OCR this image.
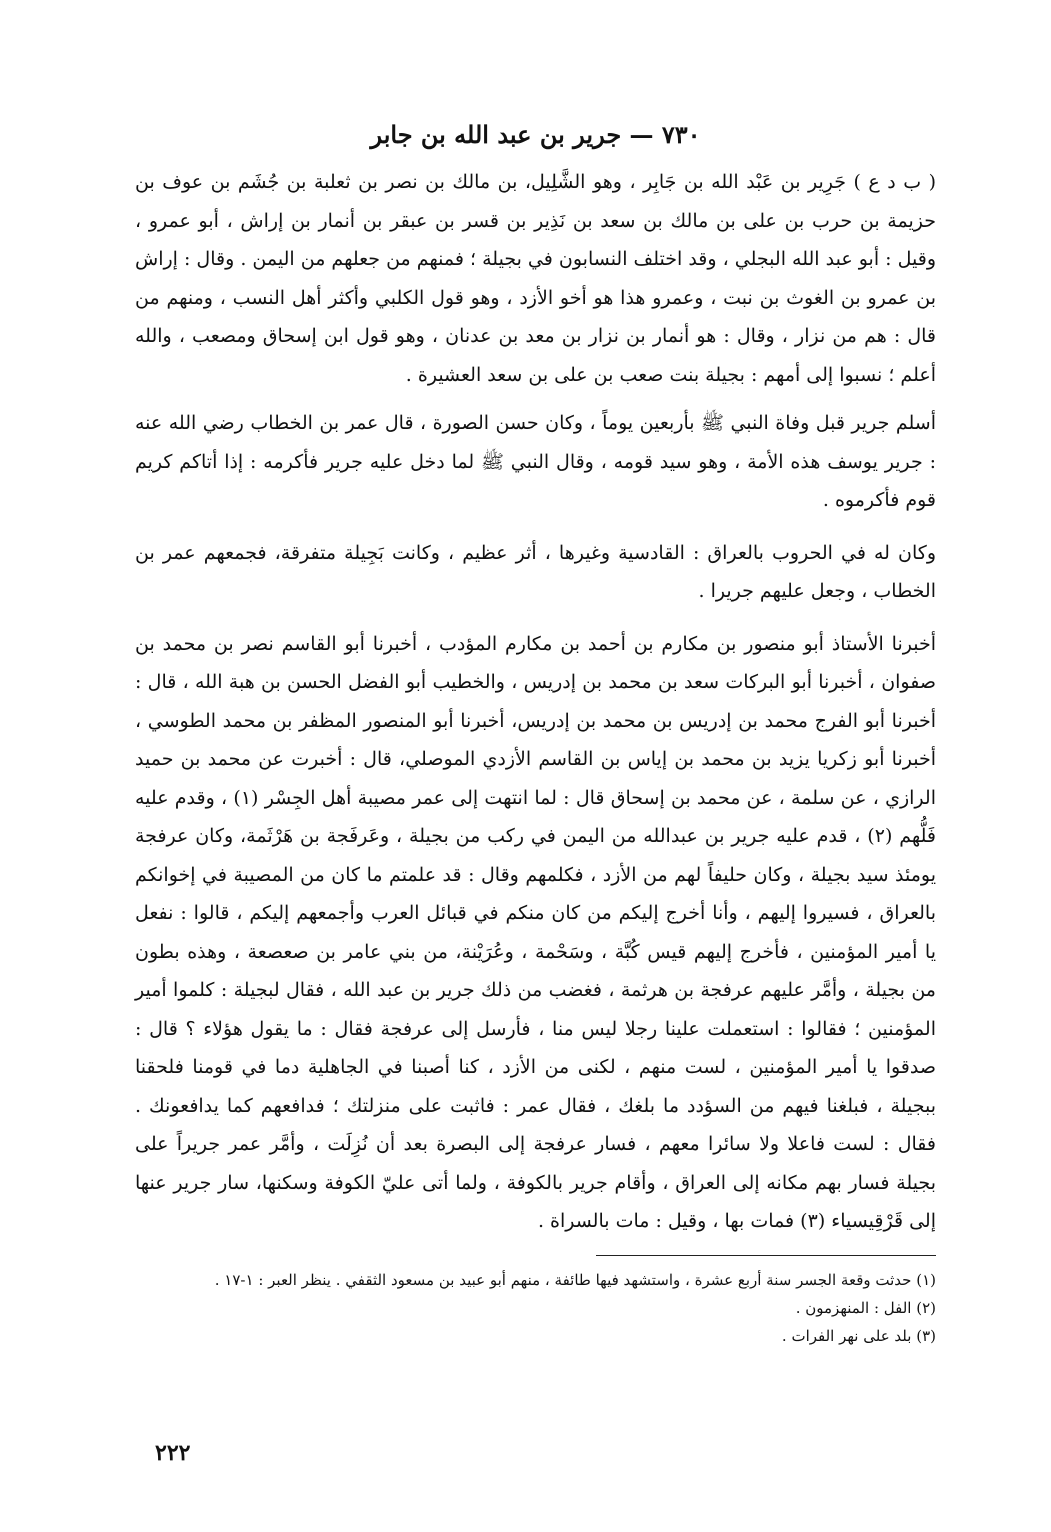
٧٣٠ — جرير بن عبد الله بن جابر

( ب د ع ) جَرِير بن عَبْد الله بن جَابِر ، وهو الشَّلِيل، بن مالك بن نصر بن ثعلبة بن جُشَم بن عوف بن حزيمة بن حرب بن على بن مالك بن سعد بن نَذِير بن قسر بن عبقر بن أنمار بن إراش ، أبو عمرو ، وقيل : أبو عبد الله البجلي ، وقد اختلف النسابون في بجيلة ؛ فمنهم من جعلهم من اليمن . وقال : إراش بن عمرو بن الغوث بن نبت ، وعمرو هذا هو أخو الأزد ، وهو قول الكلبي وأكثر أهل النسب ، ومنهم من قال : هم من نزار ، وقال : هو أنمار بن نزار بن معد بن عدنان ، وهو قول ابن إسحاق ومصعب ، والله أعلم ؛ نسبوا إلى أمهم : بجيلة بنت صعب بن على بن سعد العشيرة .

أسلم جرير قبل وفاة النبي ﷺ بأربعين يوماً ، وكان حسن الصورة ، قال عمر بن الخطاب رضي الله عنه : جرير يوسف هذه الأمة ، وهو سيد قومه ، وقال النبي ﷺ لما دخل عليه جرير فأكرمه : إذا أتاكم كريم قوم فأكرموه .

وكان له في الحروب بالعراق : القادسية وغيرها ، أثر عظيم ، وكانت بَجِيلة متفرقة، فجمعهم عمر بن الخطاب ، وجعل عليهم جريرا .

أخبرنا الأستاذ أبو منصور بن مكارم بن أحمد بن مكارم المؤدب ، أخبرنا أبو القاسم نصر بن محمد بن صفوان ، أخبرنا أبو البركات سعد بن محمد بن إدريس ، والخطيب أبو الفضل الحسن بن هبة الله ، قال : أخبرنا أبو الفرج محمد بن إدريس بن محمد بن إدريس، أخبرنا أبو المنصور المظفر بن محمد الطوسي ، أخبرنا أبو زكريا يزيد بن محمد بن إياس بن القاسم الأزدي الموصلي، قال : أخبرت عن محمد بن حميد الرازي ، عن سلمة ، عن محمد بن إسحاق قال : لما انتهت إلى عمر مصيبة أهل الجِسْر (١) ، وقدم عليه فَلُّهم (٢) ، قدم عليه جرير بن عبدالله من اليمن في ركب من بجيلة ، وعَرفَجة بن هَرْثَمة، وكان عرفجة يومئذ سيد بجيلة ، وكان حليفاً لهم من الأزد ، فكلمهم وقال : قد علمتم ما كان من المصيبة في إخوانكم بالعراق ، فسيروا إليهم ، وأنا أخرج إليكم من كان منكم في قبائل العرب وأجمعهم إليكم ، قالوا : نفعل يا أمير المؤمنين ، فأخرج إليهم قيس كُبَّة ، وسَحْمة ، وعُرَيْنة، من بني عامر بن صعصعة ، وهذه بطون من بجيلة ، وأمَّر عليهم عرفجة بن هرثمة ، فغضب من ذلك جرير بن عبد الله ، فقال لبجيلة : كلموا أمير المؤمنين ؛ فقالوا : استعملت علينا رجلا ليس منا ، فأرسل إلى عرفجة فقال : ما يقول هؤلاء ؟ قال : صدقوا يا أمير المؤمنين ، لست منهم ، لكنى من الأزد ، كنا أصبنا في الجاهلية دما في قومنا فلحقنا ببجيلة ، فبلغنا فيهم من السؤدد ما بلغك ، فقال عمر : فاثبت على منزلتك ؛ فدافعهم كما يدافعونك . فقال : لست فاعلا ولا سائرا معهم ، فسار عرفجة إلى البصرة بعد أن نُزِلَت ، وأمَّر عمر جريراً على بجيلة فسار بهم مكانه إلى العراق ، وأقام جرير بالكوفة ، ولما أتى عليّ الكوفة وسكنها، سار جرير عنها إلى قَرْقِيسياء (٣) فمات بها ، وقيل : مات بالسراة .

(١) حدثت وقعة الجسر سنة أربع عشرة ، واستشهد فيها طائفة ، منهم أبو عبيد بن مسعود الثقفي . ينظر العبر : ١-١٧ .
(٢) الفل : المنهزمون .
(٣) بلد على نهر الفرات .
٢٢٢
